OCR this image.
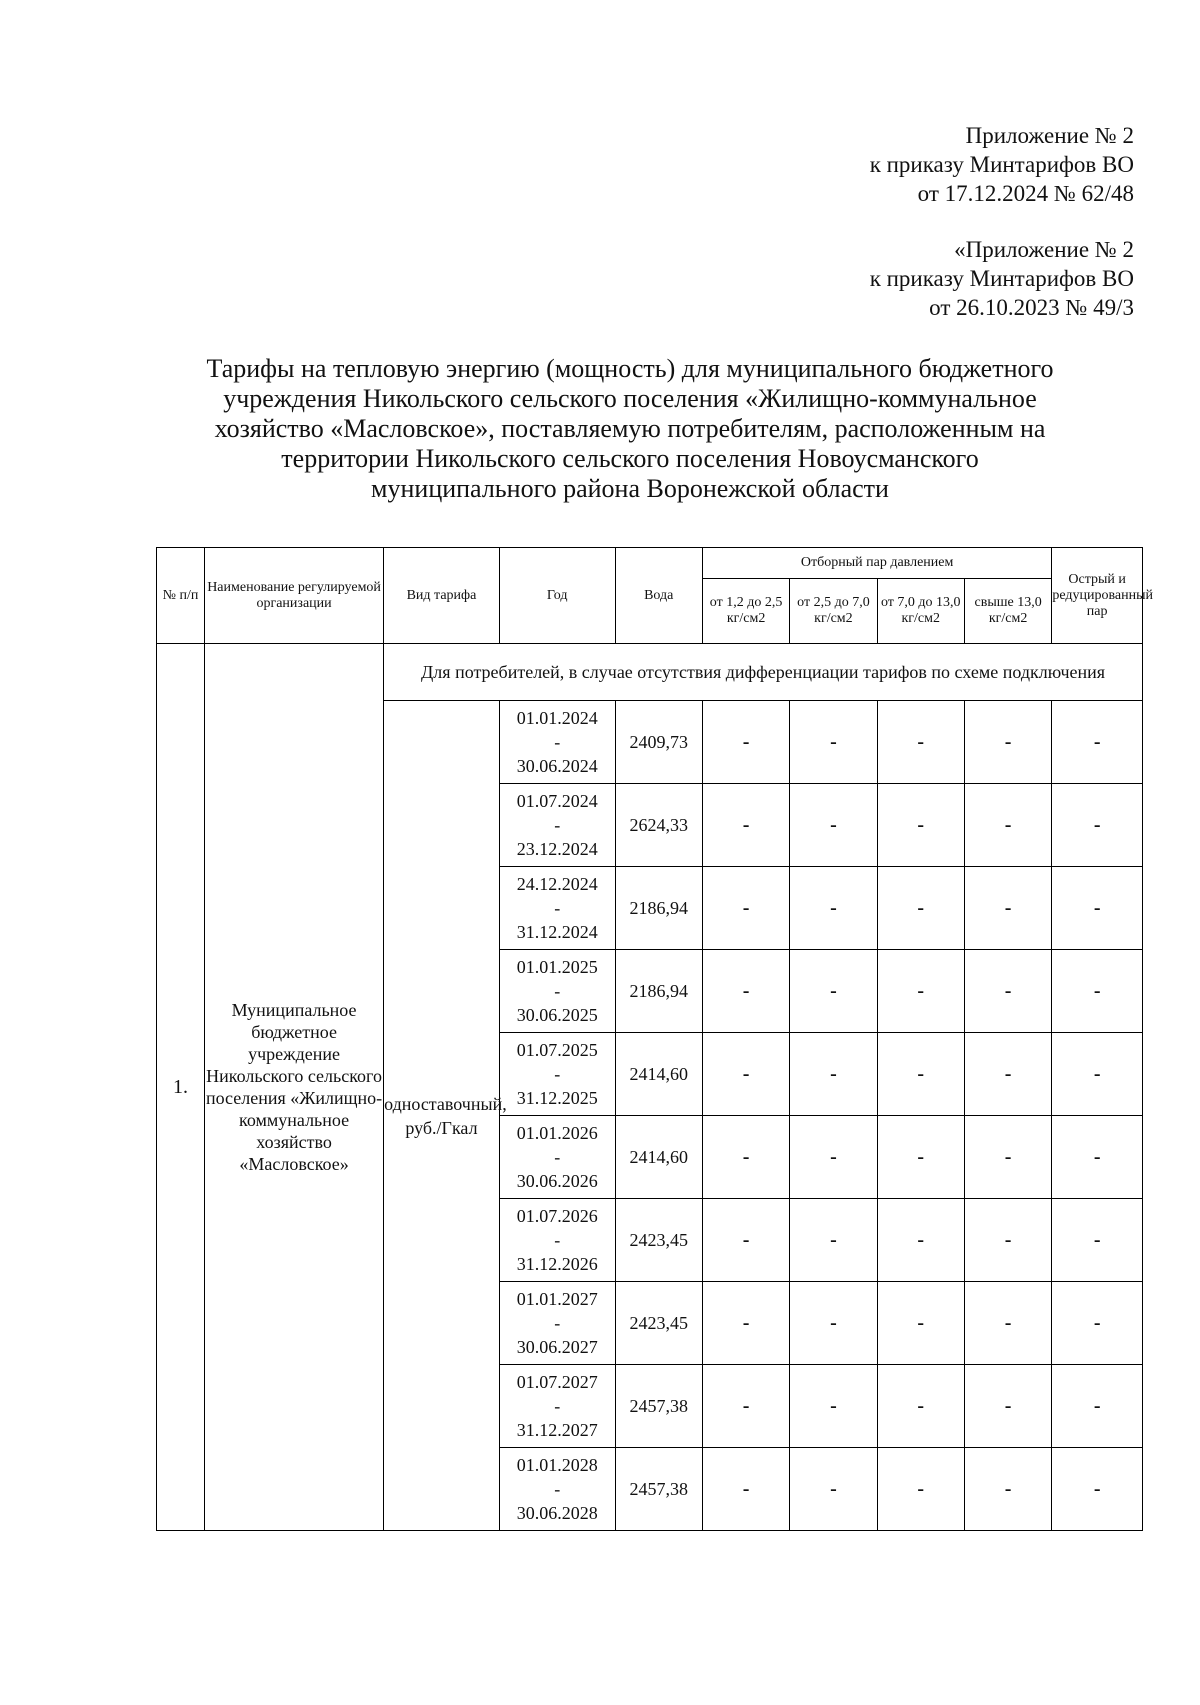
Приложение № 2
к приказу Минтарифов ВО
от 17.12.2024 № 62/48
«Приложение № 2
к приказу Минтарифов ВО
от 26.10.2023 № 49/3
Тарифы на тепловую энергию (мощность) для муниципального бюджетного
учреждения Никольского сельского поселения «Жилищно-коммунальное
хозяйство «Масловское», поставляемую потребителям, расположенным на
территории Никольского сельского поселения Новоусманского
муниципального района Воронежской области
№ п/п	Наименование регулируемой организации	Вид тарифа	Год	Вода	Отборный пар давлением				Острый и редуцированный пар
					от 1,2 до 2,5 кг/см2	от 2,5 до 7,0 кг/см2	от 7,0 до 13,0 кг/см2	свыше 13,0 кг/см2	
1.	Муниципальное бюджетное учреждение Никольского сельского поселения «Жилищно-коммунальное хозяйство «Масловское»	Для потребителей, в случае отсутствия дифференциации тарифов по схеме подключения							
		одноставочный, руб./Гкал	01.01.2024
-
30.06.2024	2409,73	-	-	-	-	-

			01.07.2024
-
23.12.2024	2624,33	-	-	-	-	-

			24.12.2024
-
31.12.2024	2186,94	-	-	-	-	-

			01.01.2025
-
30.06.2025	2186,94	-	-	-	-	-

			01.07.2025
-
31.12.2025	2414,60	-	-	-	-	-

			01.01.2026
-
30.06.2026	2414,60	-	-	-	-	-

			01.07.2026
-
31.12.2026	2423,45	-	-	-	-	-

			01.01.2027
-
30.06.2027	2423,45	-	-	-	-	-

			01.07.2027
-
31.12.2027	2457,38	-	-	-	-	-

			01.01.2028
-
30.06.2028	2457,38	-	-	-	-	-
